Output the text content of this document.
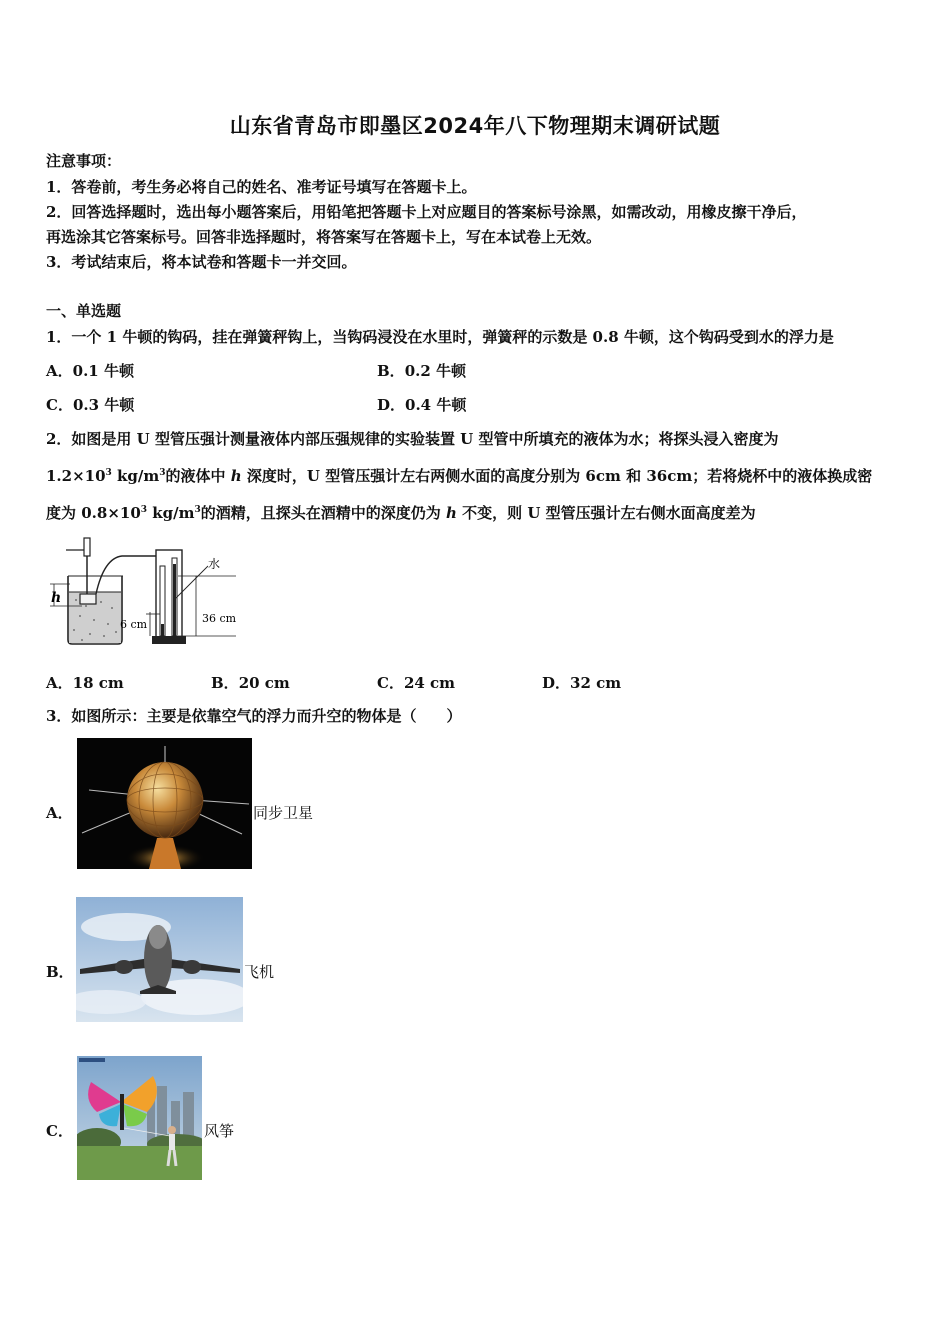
山东省青岛市即墨区2024年八下物理期末调研试题
注意事项：
1．答卷前，考生务必将自己的姓名、准考证号填写在答题卡上。
2．回答选择题时，选出每小题答案后，用铅笔把答题卡上对应题目的答案标号涂黑，如需改动，用橡皮擦干净后，
再选涂其它答案标号。回答非选择题时，将答案写在答题卡上，写在本试卷上无效。
3．考试结束后，将本试卷和答题卡一并交回。
一、单选题
1．一个 1 牛顿的钩码，挂在弹簧秤钩上，当钩码浸没在水里时，弹簧秤的示数是 0.8 牛顿，这个钩码受到水的浮力是
A．0.1 牛顿	B．0.2 牛顿
C．0.3 牛顿	D．0.4 牛顿
2．如图是用 U 型管压强计测量液体内部压强规律的实验装置 U 型管中所填充的液体为水；将探头浸入密度为
$1.2\times 10^3$ $kg/m^3$的液体中 h 深度时，U 型管压强计左右两侧水面的高度分别为 6cm 和 36cm；若将烧杯中的液体换成密
度为 $0.8\times 10^3$ $kg/m^3$的酒精，且探头在酒精中的深度仍为 h 不变，则 U 型管压强计左右侧水面高度差为
h
水
6 cm	36 cm
A．18 cm	B．20 cm	C．24 cm	D．32 cm
3．如图所示：主要是依靠空气的浮力而升空的物体是（　　）
A．	同步卫星
B．	飞机
C．	风筝
